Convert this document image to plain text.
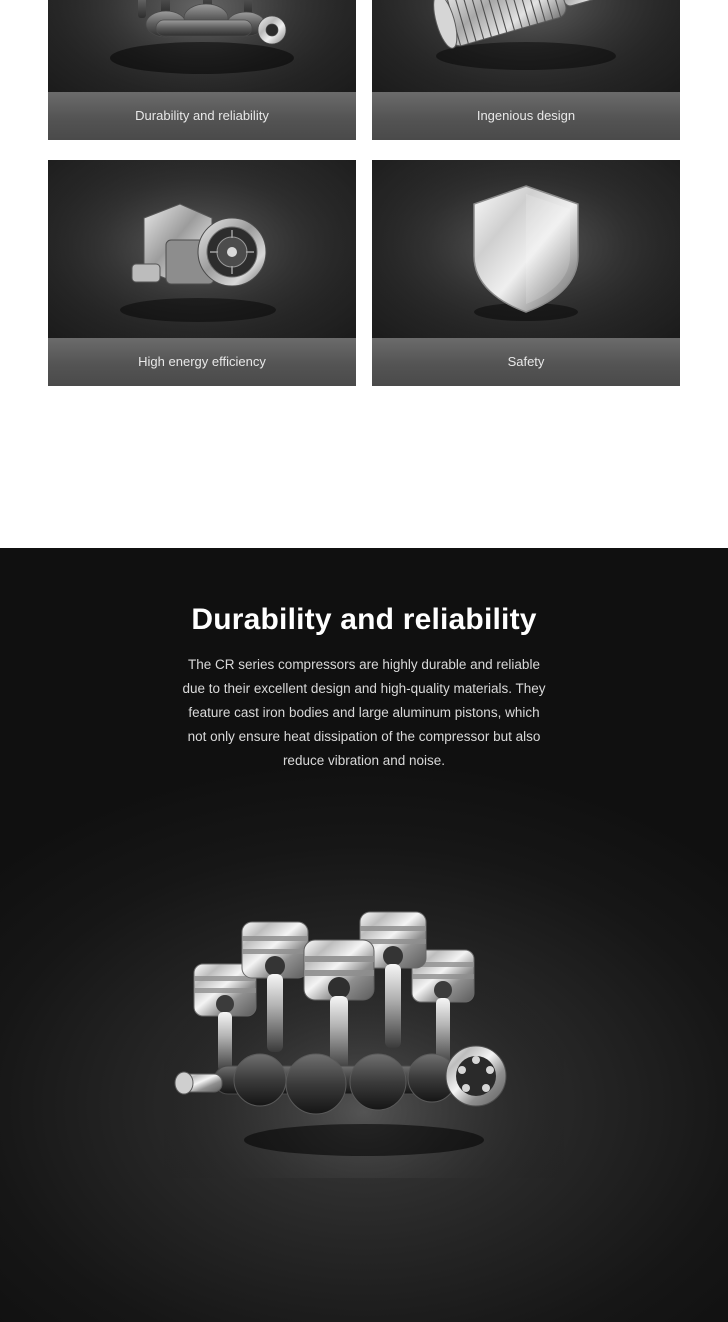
Durability and reliability	Ingenious design
High energy efficiency	Safety
Durability and reliability
The CR series compressors are highly durable and reliable due to their excellent design and high-quality materials. They feature cast iron bodies and large aluminum pistons, which not only ensure heat dissipation of the compressor but also reduce vibration and noise.
